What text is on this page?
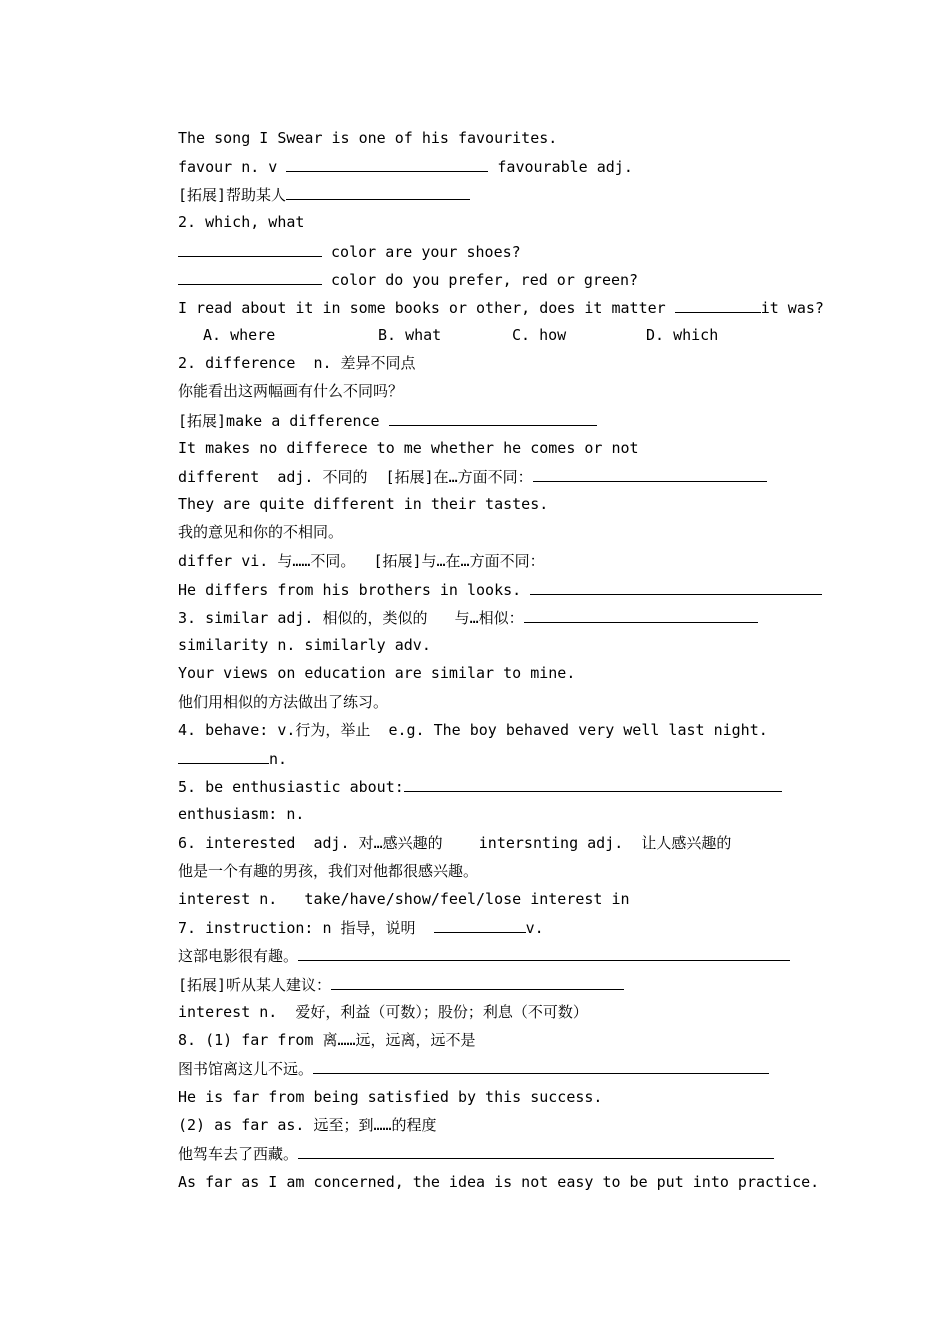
The song I Swear is one of his favourites.
favour n. v	favourable adj.
[拓展]帮助某人
2. which, what
color are your shoes?
color do you prefer, red or green?
I read about it in some books or other, does it matter	it was?
A. where	B. what	C. how	D. which
2. difference  n. 差异不同点
你能看出这两幅画有什么不同吗？
[拓展]make a difference
It makes no differece to me whether he comes or not
different  adj. 不同的  [拓展]在…方面不同：
They are quite different in their tastes.
我的意见和你的不相同。
differ vi. 与……不同。  [拓展]与…在…方面不同：
He differs from his brothers in looks.
3. similar adj. 相似的，类似的   与…相似：
similarity n. similarly adv.
Your views on education are similar to mine.
他们用相似的方法做出了练习。
4. behave: v.行为，举止  e.g. The boy behaved very well last night.
n.
5. be enthusiastic about:
enthusiasm: n.
6. interested  adj. 对…感兴趣的    intersnting adj.  让人感兴趣的
他是一个有趣的男孩，我们对他都很感兴趣。
interest n.   take/have/show/feel/lose interest in
7. instruction: n 指导，说明	v.
这部电影很有趣。
[拓展]听从某人建议：
interest n.  爱好，利益（可数）；股份；利息（不可数）
8. (1) far from 离……远，远离，远不是
图书馆离这儿不远。
He is far from being satisfied by this success.
(2) as far as. 远至；到……的程度
他驾车去了西藏。
As far as I am concerned, the idea is not easy to be put into practice.
